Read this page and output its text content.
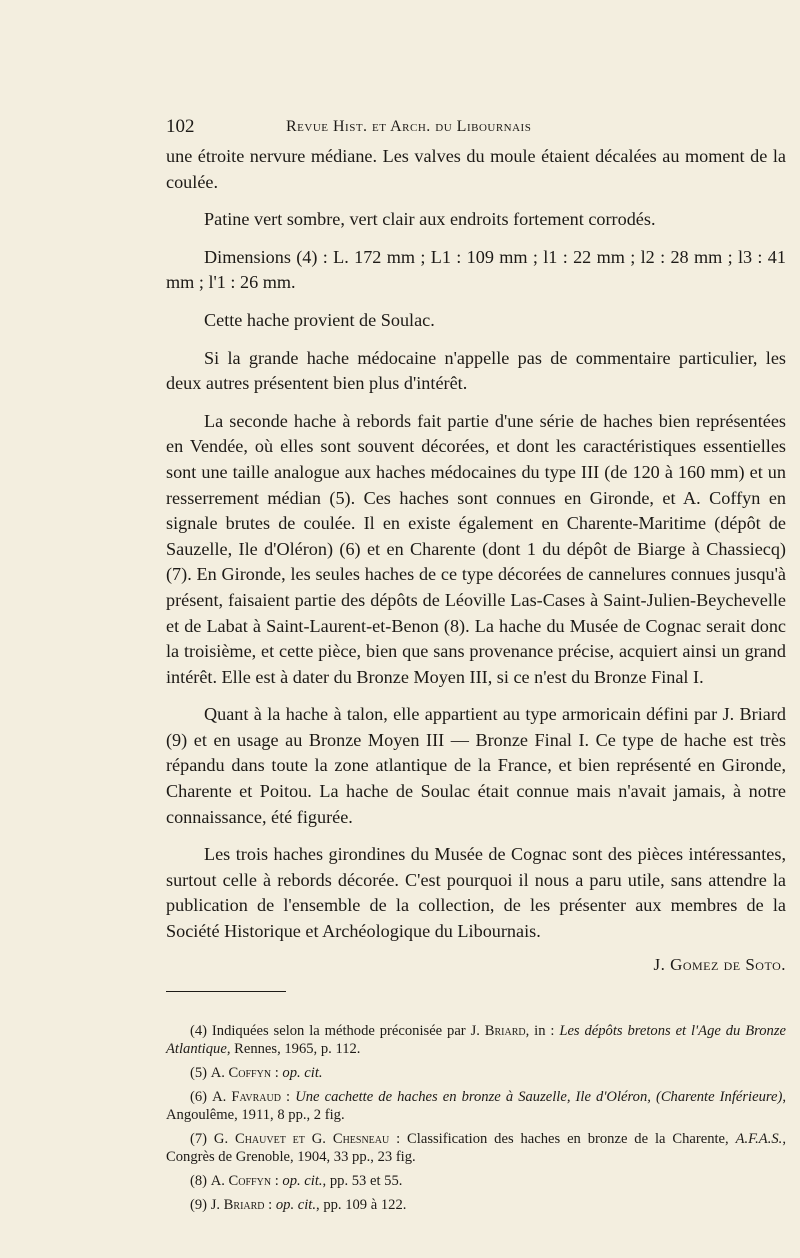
102	Revue Hist. et Arch. du Libournais

une étroite nervure médiane. Les valves du moule étaient décalées au moment de la coulée.

Patine vert sombre, vert clair aux endroits fortement corrodés.

Dimensions (4) : L. 172 mm ; L1 : 109 mm ; l1 : 22 mm ; l2 : 28 mm ; l3 : 41 mm ; l'1 : 26 mm.

Cette hache provient de Soulac.

Si la grande hache médocaine n'appelle pas de commentaire particulier, les deux autres présentent bien plus d'intérêt.

La seconde hache à rebords fait partie d'une série de haches bien représentées en Vendée, où elles sont souvent décorées, et dont les caractéristiques essentielles sont une taille analogue aux haches médocaines du type III (de 120 à 160 mm) et un resserrement médian (5). Ces haches sont connues en Gironde, et A. Coffyn en signale brutes de coulée. Il en existe également en Charente-Maritime (dépôt de Sauzelle, Ile d'Oléron) (6) et en Charente (dont 1 du dépôt de Biarge à Chassiecq) (7). En Gironde, les seules haches de ce type décorées de cannelures connues jusqu'à présent, faisaient partie des dépôts de Léoville Las-Cases à Saint-Julien-Beychevelle et de Labat à Saint-Laurent-et-Benon (8). La hache du Musée de Cognac serait donc la troisième, et cette pièce, bien que sans provenance précise, acquiert ainsi un grand intérêt. Elle est à dater du Bronze Moyen III, si ce n'est du Bronze Final I.

Quant à la hache à talon, elle appartient au type armoricain défini par J. Briard (9) et en usage au Bronze Moyen III — Bronze Final I. Ce type de hache est très répandu dans toute la zone atlantique de la France, et bien représenté en Gironde, Charente et Poitou. La hache de Soulac était connue mais n'avait jamais, à notre connaissance, été figurée.

Les trois haches girondines du Musée de Cognac sont des pièces intéressantes, surtout celle à rebords décorée. C'est pourquoi il nous a paru utile, sans attendre la publication de l'ensemble de la collection, de les présenter aux membres de la Société Historique et Archéologique du Libournais.

J. Gomez de Soto.

(4) Indiquées selon la méthode préconisée par J. Briard, in : Les dépôts bretons et l'Age du Bronze Atlantique, Rennes, 1965, p. 112.

(5) A. Coffyn : op. cit.

(6) A. Favraud : Une cachette de haches en bronze à Sauzelle, Ile d'Oléron, (Charente Inférieure), Angoulême, 1911, 8 pp., 2 fig.

(7) G. Chauvet et G. Chesneau : Classification des haches en bronze de la Charente, A.F.A.S., Congrès de Grenoble, 1904, 33 pp., 23 fig.

(8) A. Coffyn : op. cit., pp. 53 et 55.

(9) J. Briard : op. cit., pp. 109 à 122.
